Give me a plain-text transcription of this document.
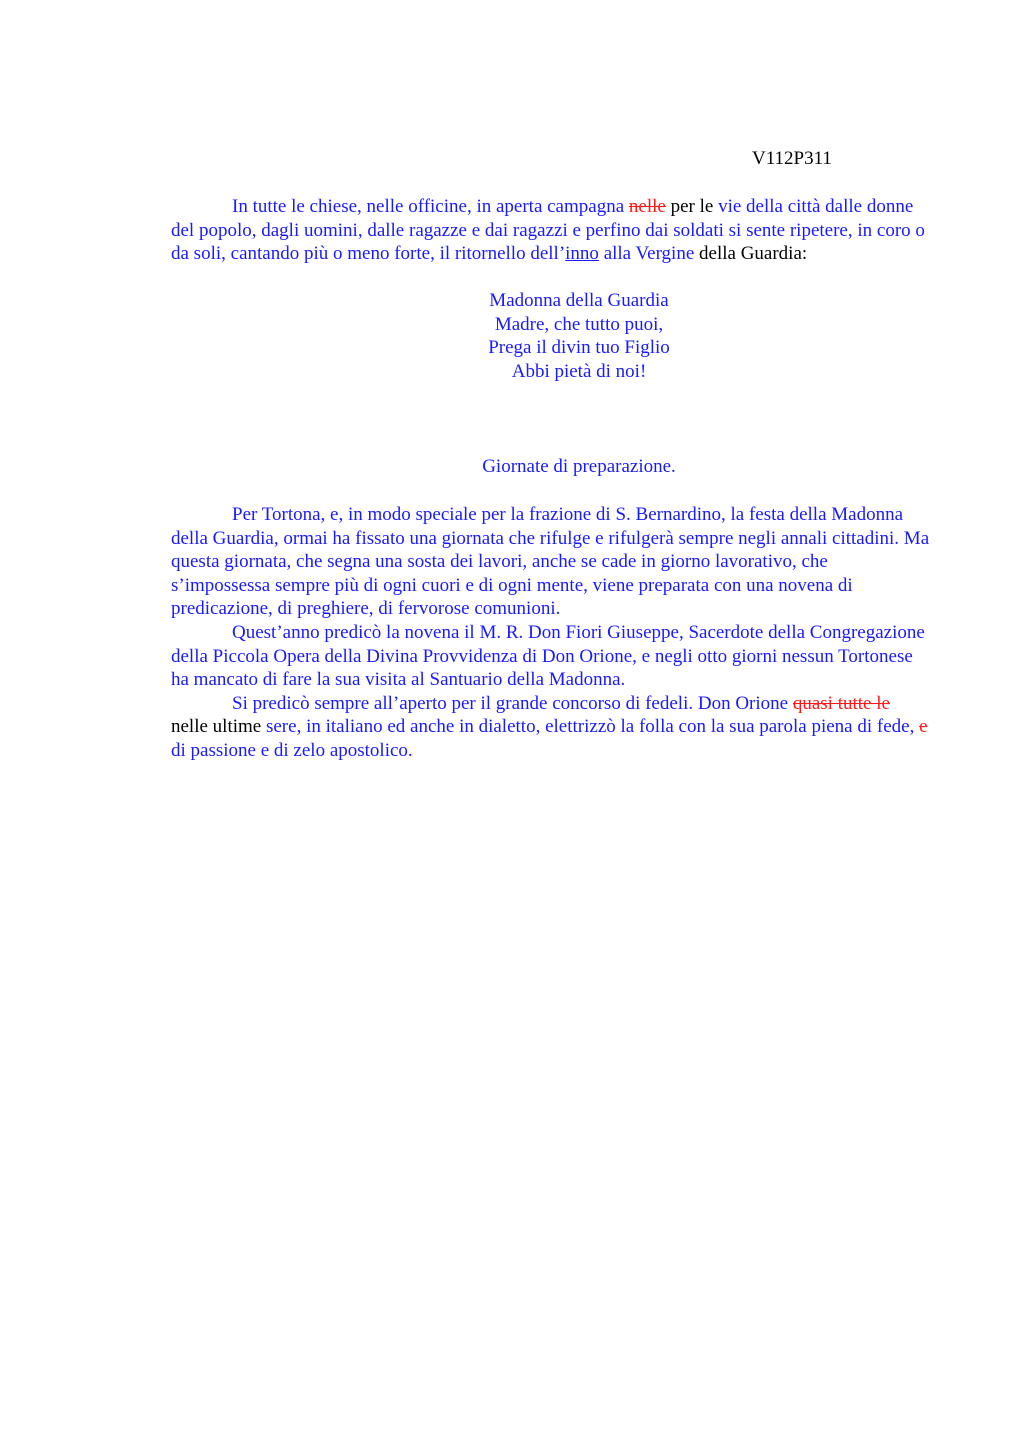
V112P311

In tutte le chiese, nelle officine, in aperta campagna nelle per le vie della città dalle donne del popolo, dagli uomini, dalle ragazze e dai ragazzi e perfino dai soldati si sente ripetere, in coro o da soli, cantando più o meno forte, il ritornello dell’inno alla Vergine della Guardia:

Madonna della Guardia
Madre, che tutto puoi,
Prega il divin tuo Figlio
Abbi pietà di noi!
Giornate di preparazione.

Per Tortona, e, in modo speciale per la frazione di S. Bernardino, la festa della Madonna della Guardia, ormai ha fissato una giornata che rifulge e rifulgerà sempre negli annali cittadini. Ma questa giornata, che segna una sosta dei lavori, anche se cade in giorno lavorativo, che s’impossessa sempre più di ogni cuori e di ogni mente, viene preparata con una novena di predicazione, di preghiere, di fervorose comunioni.

Quest’anno predicò la novena il M. R. Don Fiori Giuseppe, Sacerdote della Congregazione della Piccola Opera della Divina Provvidenza di Don Orione, e negli otto giorni nessun Tortonese ha mancato di fare la sua visita al Santuario della Madonna.

Si predicò sempre all’aperto per il grande concorso di fedeli. Don Orione quasi tutte le nelle ultime sere, in italiano ed anche in dialetto, elettrizzò la folla con la sua parola piena di fede, e di passione e di zelo apostolico.
